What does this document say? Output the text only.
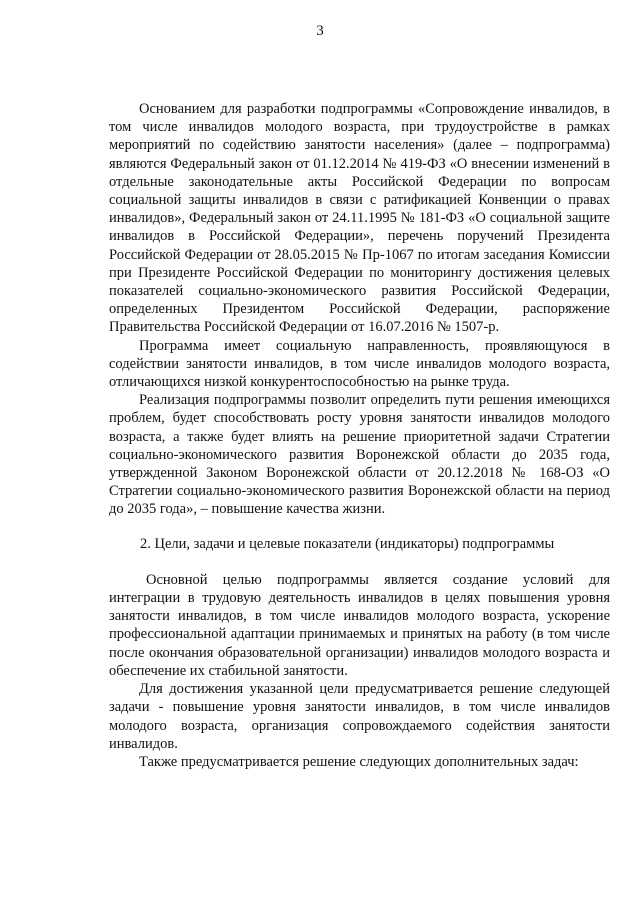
3

Основанием для разработки подпрограммы «Сопровождение инвалидов, в том числе инвалидов молодого возраста, при трудоустройстве в рамках мероприятий по содействию занятости населения» (далее – подпрограмма) являются Федеральный закон от 01.12.2014 № 419-ФЗ «О внесении изменений в отдельные законодательные акты Российской Федерации по вопросам социальной защиты инвалидов в связи с ратификацией Конвенции о правах инвалидов», Федеральный закон от 24.11.1995 № 181-ФЗ «О социальной защите инвалидов в Российской Федерации», перечень поручений Президента Российской Федерации от 28.05.2015 № Пр-1067 по итогам заседания Комиссии при Президенте Российской Федерации по мониторингу достижения целевых показателей социально-экономического развития Российской Федерации, определенных Президентом Российской Федерации, распоряжение Правительства Российской Федерации от 16.07.2016 № 1507-р.

Программа имеет социальную направленность, проявляющуюся в содействии занятости инвалидов, в том числе инвалидов молодого возраста, отличающихся низкой конкурентоспособностью на рынке труда.

Реализация подпрограммы позволит определить пути решения имеющихся проблем, будет способствовать росту уровня занятости инвалидов молодого возраста, а также будет влиять на решение приоритетной задачи Стратегии социально-экономического развития Воронежской области до 2035 года, утвержденной Законом Воронежской области от 20.12.2018 № 168-ОЗ «О Стратегии социально-экономического развития Воронежской области на период до 2035 года», – повышение качества жизни.

2. Цели, задачи и целевые показатели (индикаторы) подпрограммы

Основной целью подпрограммы является создание условий для интеграции в трудовую деятельность инвалидов в целях повышения уровня занятости инвалидов, в том числе инвалидов молодого возраста, ускорение профессиональной адаптации принимаемых и принятых на работу (в том числе после окончания образовательной организации) инвалидов молодого возраста и обеспечение их стабильной занятости.

Для достижения указанной цели предусматривается решение следующей задачи - повышение уровня занятости инвалидов, в том числе инвалидов молодого возраста, организация сопровождаемого содействия занятости инвалидов.

Также предусматривается решение следующих дополнительных задач:
